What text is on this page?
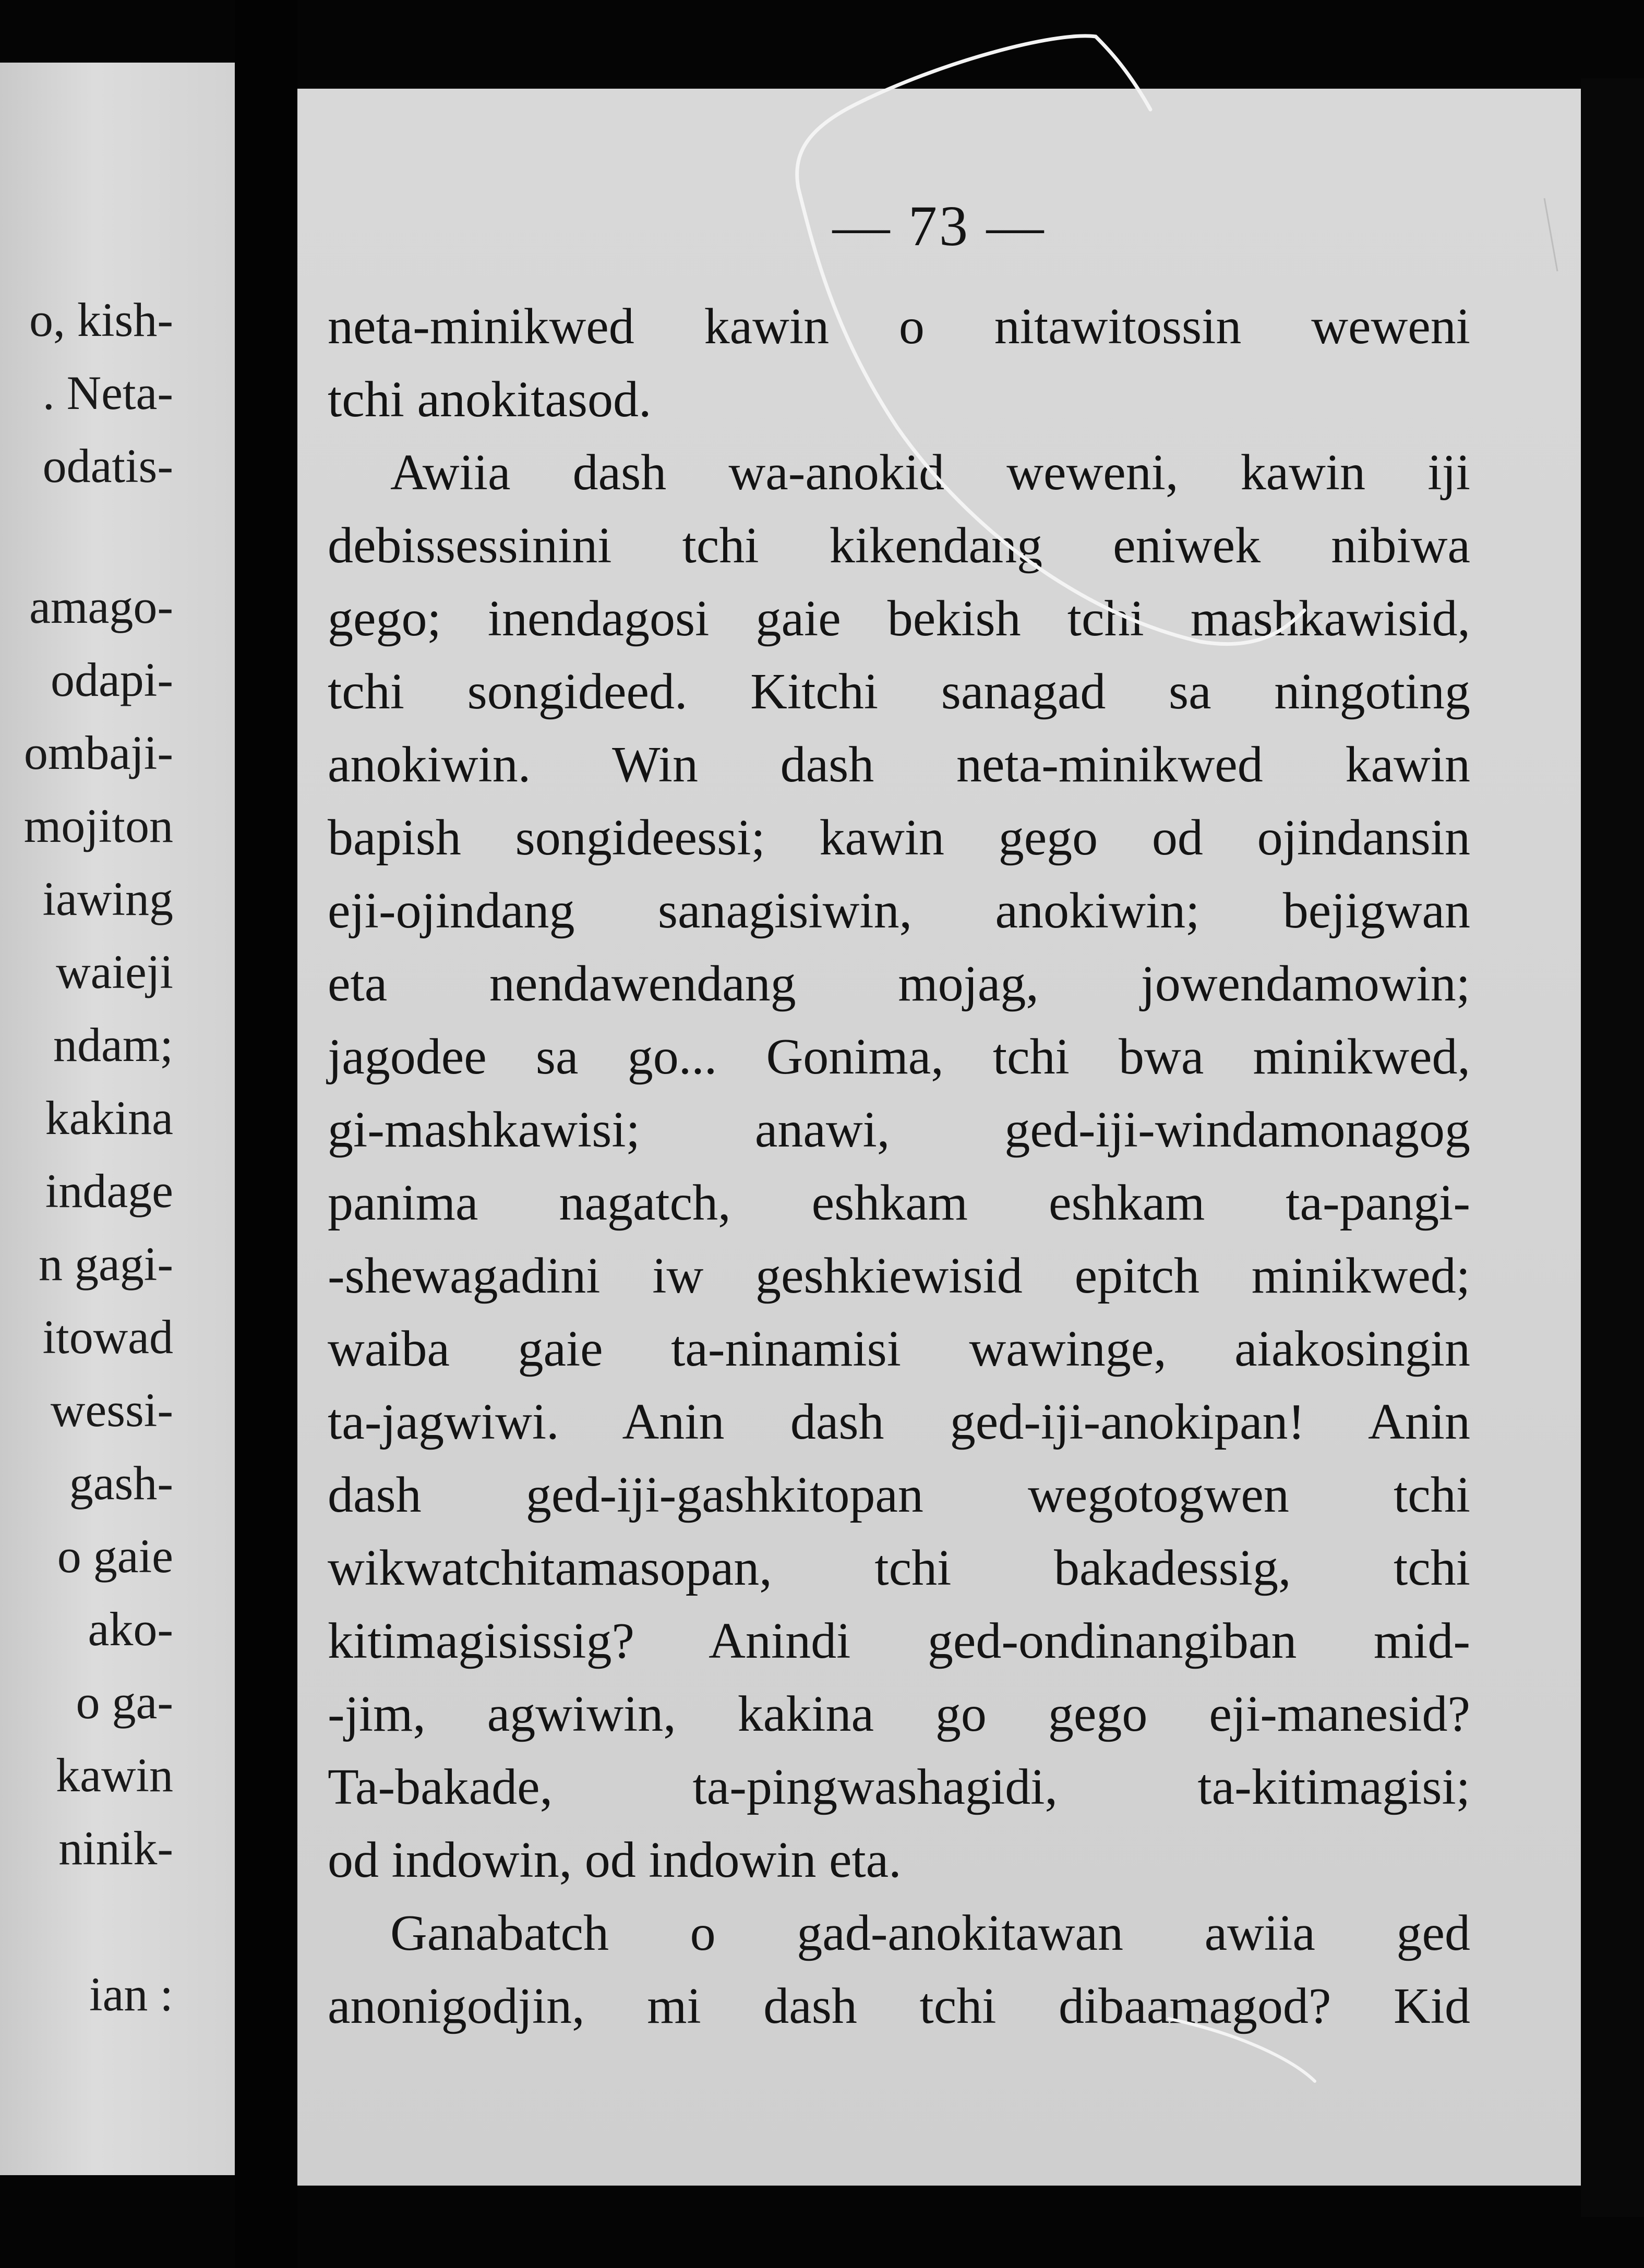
o, kish-
. Neta-
odatis-
amago-
odapi-
ombaji-
mojiton
iawing
waieji
ndam;
kakina
indage
n gagi-
itowad
wessi-
gash-
o gaie
ako-
o ga-
kawin
ninik-
ian :
— 73 —
neta-minikwed kawin o nitawitossin weweni
tchi anokitasod.
Awiia dash wa-anokid weweni, kawin iji
debissessinini tchi kikendang eniwek nibiwa
gego; inendagosi gaie bekish tchi mashkawisid,
tchi songideed. Kitchi sanagad sa ningoting
anokiwin. Win dash neta-minikwed kawin
bapish songideessi; kawin gego od ojindansin
eji-ojindang sanagisiwin, anokiwin; bejigwan
eta nendawendang mojag, jowendamowin;
jagodee sa go... Gonima, tchi bwa minikwed,
gi-mashkawisi; anawi, ged-iji-windamonagog
panima nagatch, eshkam eshkam ta-pangi-
-shewagadini iw geshkiewisid epitch minikwed;
waiba gaie ta-ninamisi wawinge, aiakosingin
ta-jagwiwi. Anin dash ged-iji-anokipan! Anin
dash ged-iji-gashkitopan wegotogwen tchi
wikwatchitamasopan, tchi bakadessig, tchi
kitimagisissig? Anindi ged-ondinangiban mid-
-jim, agwiwin, kakina go gego eji-manesid?
Ta-bakade, ta-pingwashagidi, ta-kitimagisi;
od indowin, od indowin eta.
Ganabatch o gad-anokitawan awiia ged
anonigodjin, mi dash tchi dibaamagod? Kid
